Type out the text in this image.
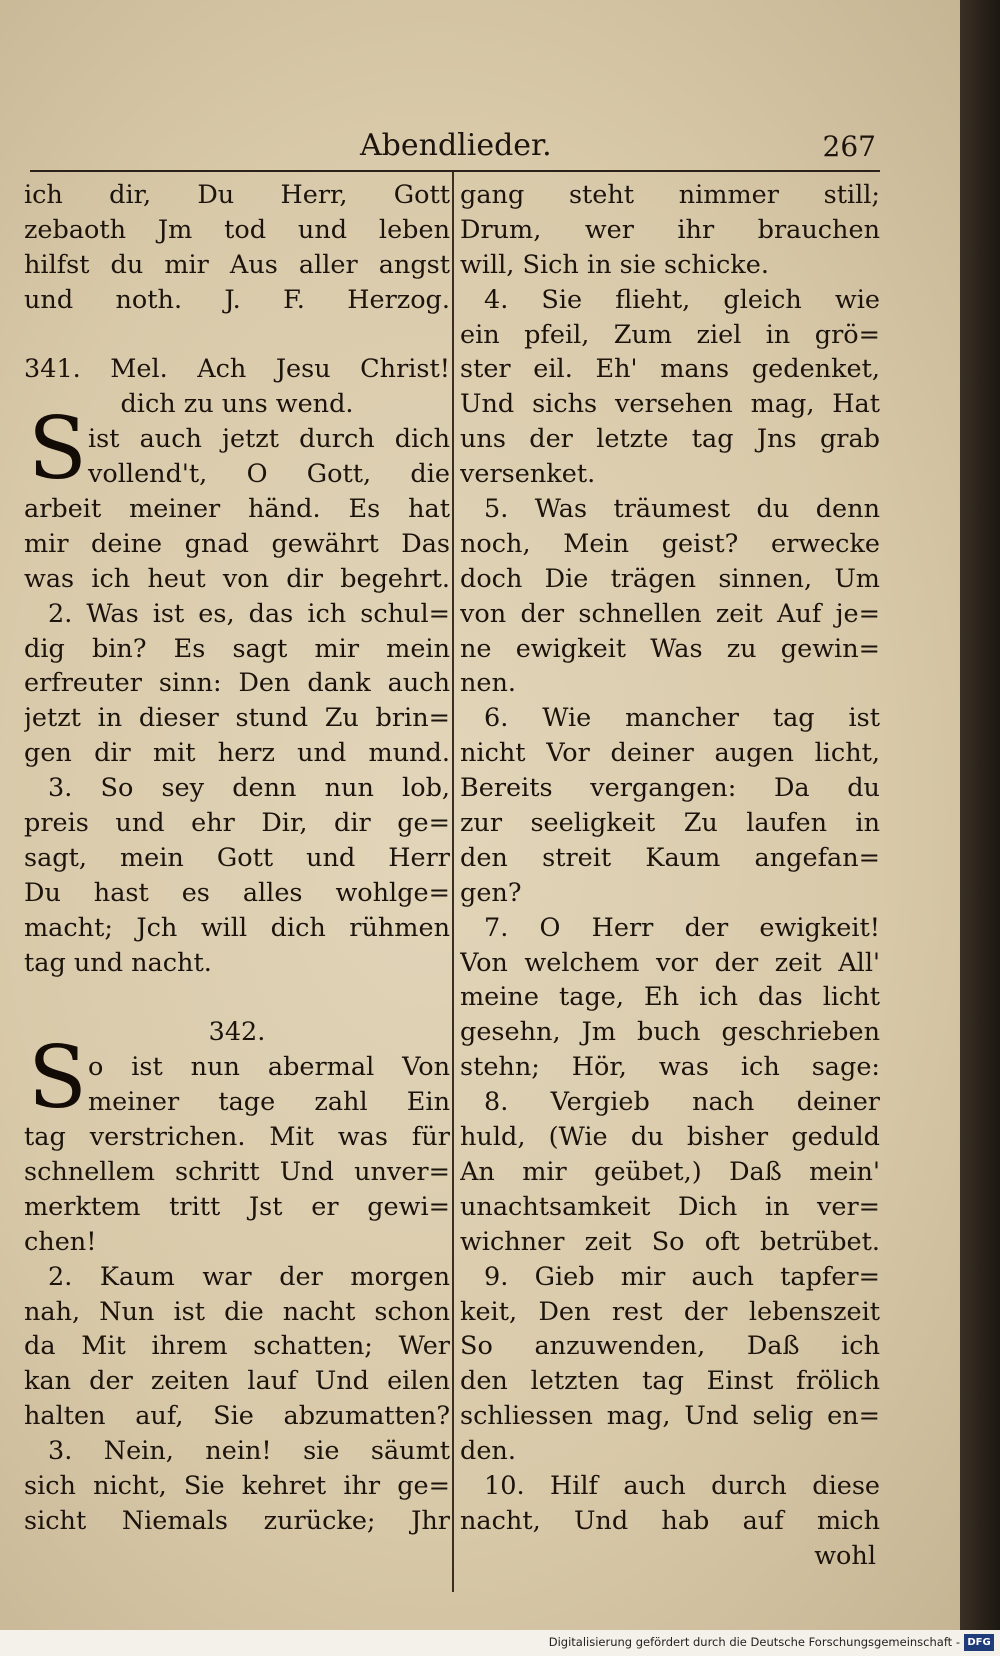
Abendlieder.	267
ich dir, Du Herr, Gott
zebaoth Jm tod und leben
hilfst du mir Aus aller angst
und noth. J. F. Herzog.
341. Mel. Ach Jesu Christ!
dich zu uns wend.
ist auch jetzt durch dich
S vollend't, O Gott, die
arbeit meiner händ. Es hat
mir deine gnad gewährt Das
was ich heut von dir begehrt.
2. Was ist es, das ich schul=
dig bin? Es sagt mir mein
erfreuter sinn: Den dank auch
jetzt in dieser stund Zu brin=
gen dir mit herz und mund.
3. So sey denn nun lob,
preis und ehr Dir, dir ge=
sagt, mein Gott und Herr
Du hast es alles wohlge=
macht; Jch will dich rühmen
tag und nacht.
342.
o ist nun abermal Von
S meiner tage zahl Ein
tag verstrichen. Mit was für
schnellem schritt Und unver=
merktem tritt Jst er gewi=
chen!
2. Kaum war der morgen
nah, Nun ist die nacht schon
da Mit ihrem schatten; Wer
kan der zeiten lauf Und eilen
halten auf, Sie abzumatten?
3. Nein, nein! sie säumt
sich nicht, Sie kehret ihr ge=
sicht Niemals zurücke; Jhr
gang steht nimmer still;
Drum, wer ihr brauchen
will, Sich in sie schicke.
4. Sie flieht, gleich wie
ein pfeil, Zum ziel in grö=
ster eil. Eh' mans gedenket,
Und sichs versehen mag, Hat
uns der letzte tag Jns grab
versenket.
5. Was träumest du denn
noch, Mein geist? erwecke
doch Die trägen sinnen, Um
von der schnellen zeit Auf je=
ne ewigkeit Was zu gewin=
nen.
6. Wie mancher tag ist
nicht Vor deiner augen licht,
Bereits vergangen: Da du
zur seeligkeit Zu laufen in
den streit Kaum angefan=
gen?
7. O Herr der ewigkeit!
Von welchem vor der zeit All'
meine tage, Eh ich das licht
gesehn, Jm buch geschrieben
stehn; Hör, was ich sage:
8. Vergieb nach deiner
huld, (Wie du bisher geduld
An mir geübet,) Daß mein'
unachtsamkeit Dich in ver=
wichner zeit So oft betrübet.
9. Gieb mir auch tapfer=
keit, Den rest der lebenszeit
So anzuwenden, Daß ich
den letzten tag Einst frölich
schliessen mag, Und selig en=
den.
10. Hilf auch durch diese
nacht, Und hab auf mich
wohl
Digitalisierung gefördert durch die Deutsche Forschungsgemeinschaft - DFG
